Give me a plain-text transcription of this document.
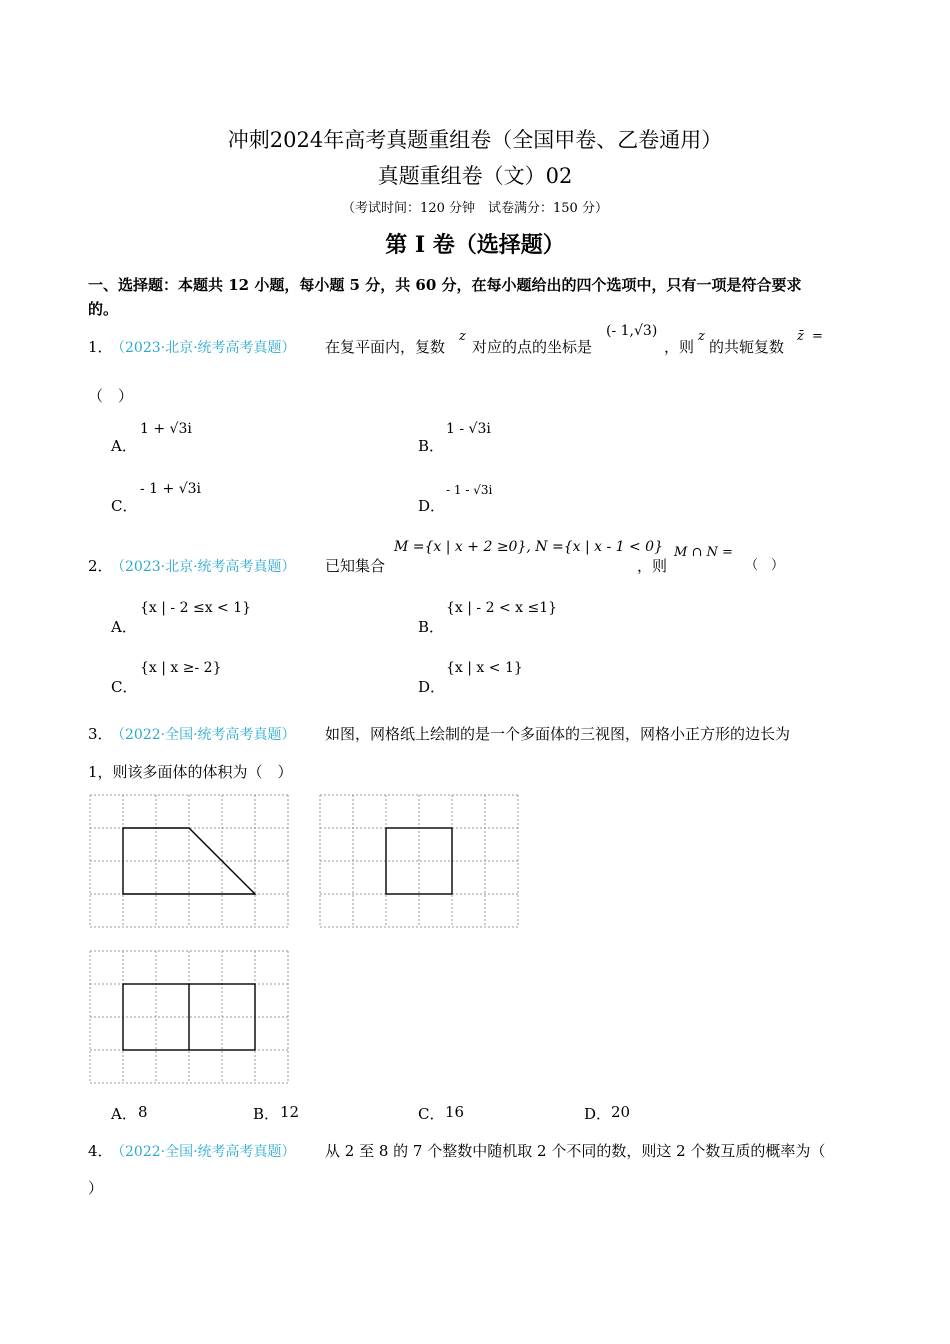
冲刺2024年高考真题重组卷（全国甲卷、乙卷通用）
真题重组卷（文）02
（考试时间：120 分钟　试卷满分：150 分）
第 I 卷（选择题）
一、选择题：本题共 12 小题，每小题 5 分，共 60 分，在每小题给出的四个选项中，只有一项是符合要求
的。
1．
（2023·北京·统考高考真题） 在复平面内，复数
z
对应的点的坐标是
(- 1,√3)
，则
z
的共轭复数
z̄ =
（　）
A．
1 + √3i
B．
1 - √3i
C．
- 1 + √3i
D．
- 1 - √3i
2．
（2023·北京·统考高考真题） 已知集合
M ={x | x + 2 ≥0}, N ={x | x - 1 < 0}
，则
M ∩ N =
（　）
A．
{x | - 2 ≤x < 1}
B．
{x | - 2 < x ≤1}
C．
{x | x ≥- 2}
D．
{x | x < 1}
3．
（2022·全国·统考高考真题） 如图，网格纸上绘制的是一个多面体的三视图，网格小正方形的边长为
1，则该多面体的体积为（　）
A． 8	B． 12	C． 16	D． 20
4．
（2022·全国·统考高考真题） 从 2 至 8 的 7 个整数中随机取 2 个不同的数，则这 2 个数互质的概率为（
）
